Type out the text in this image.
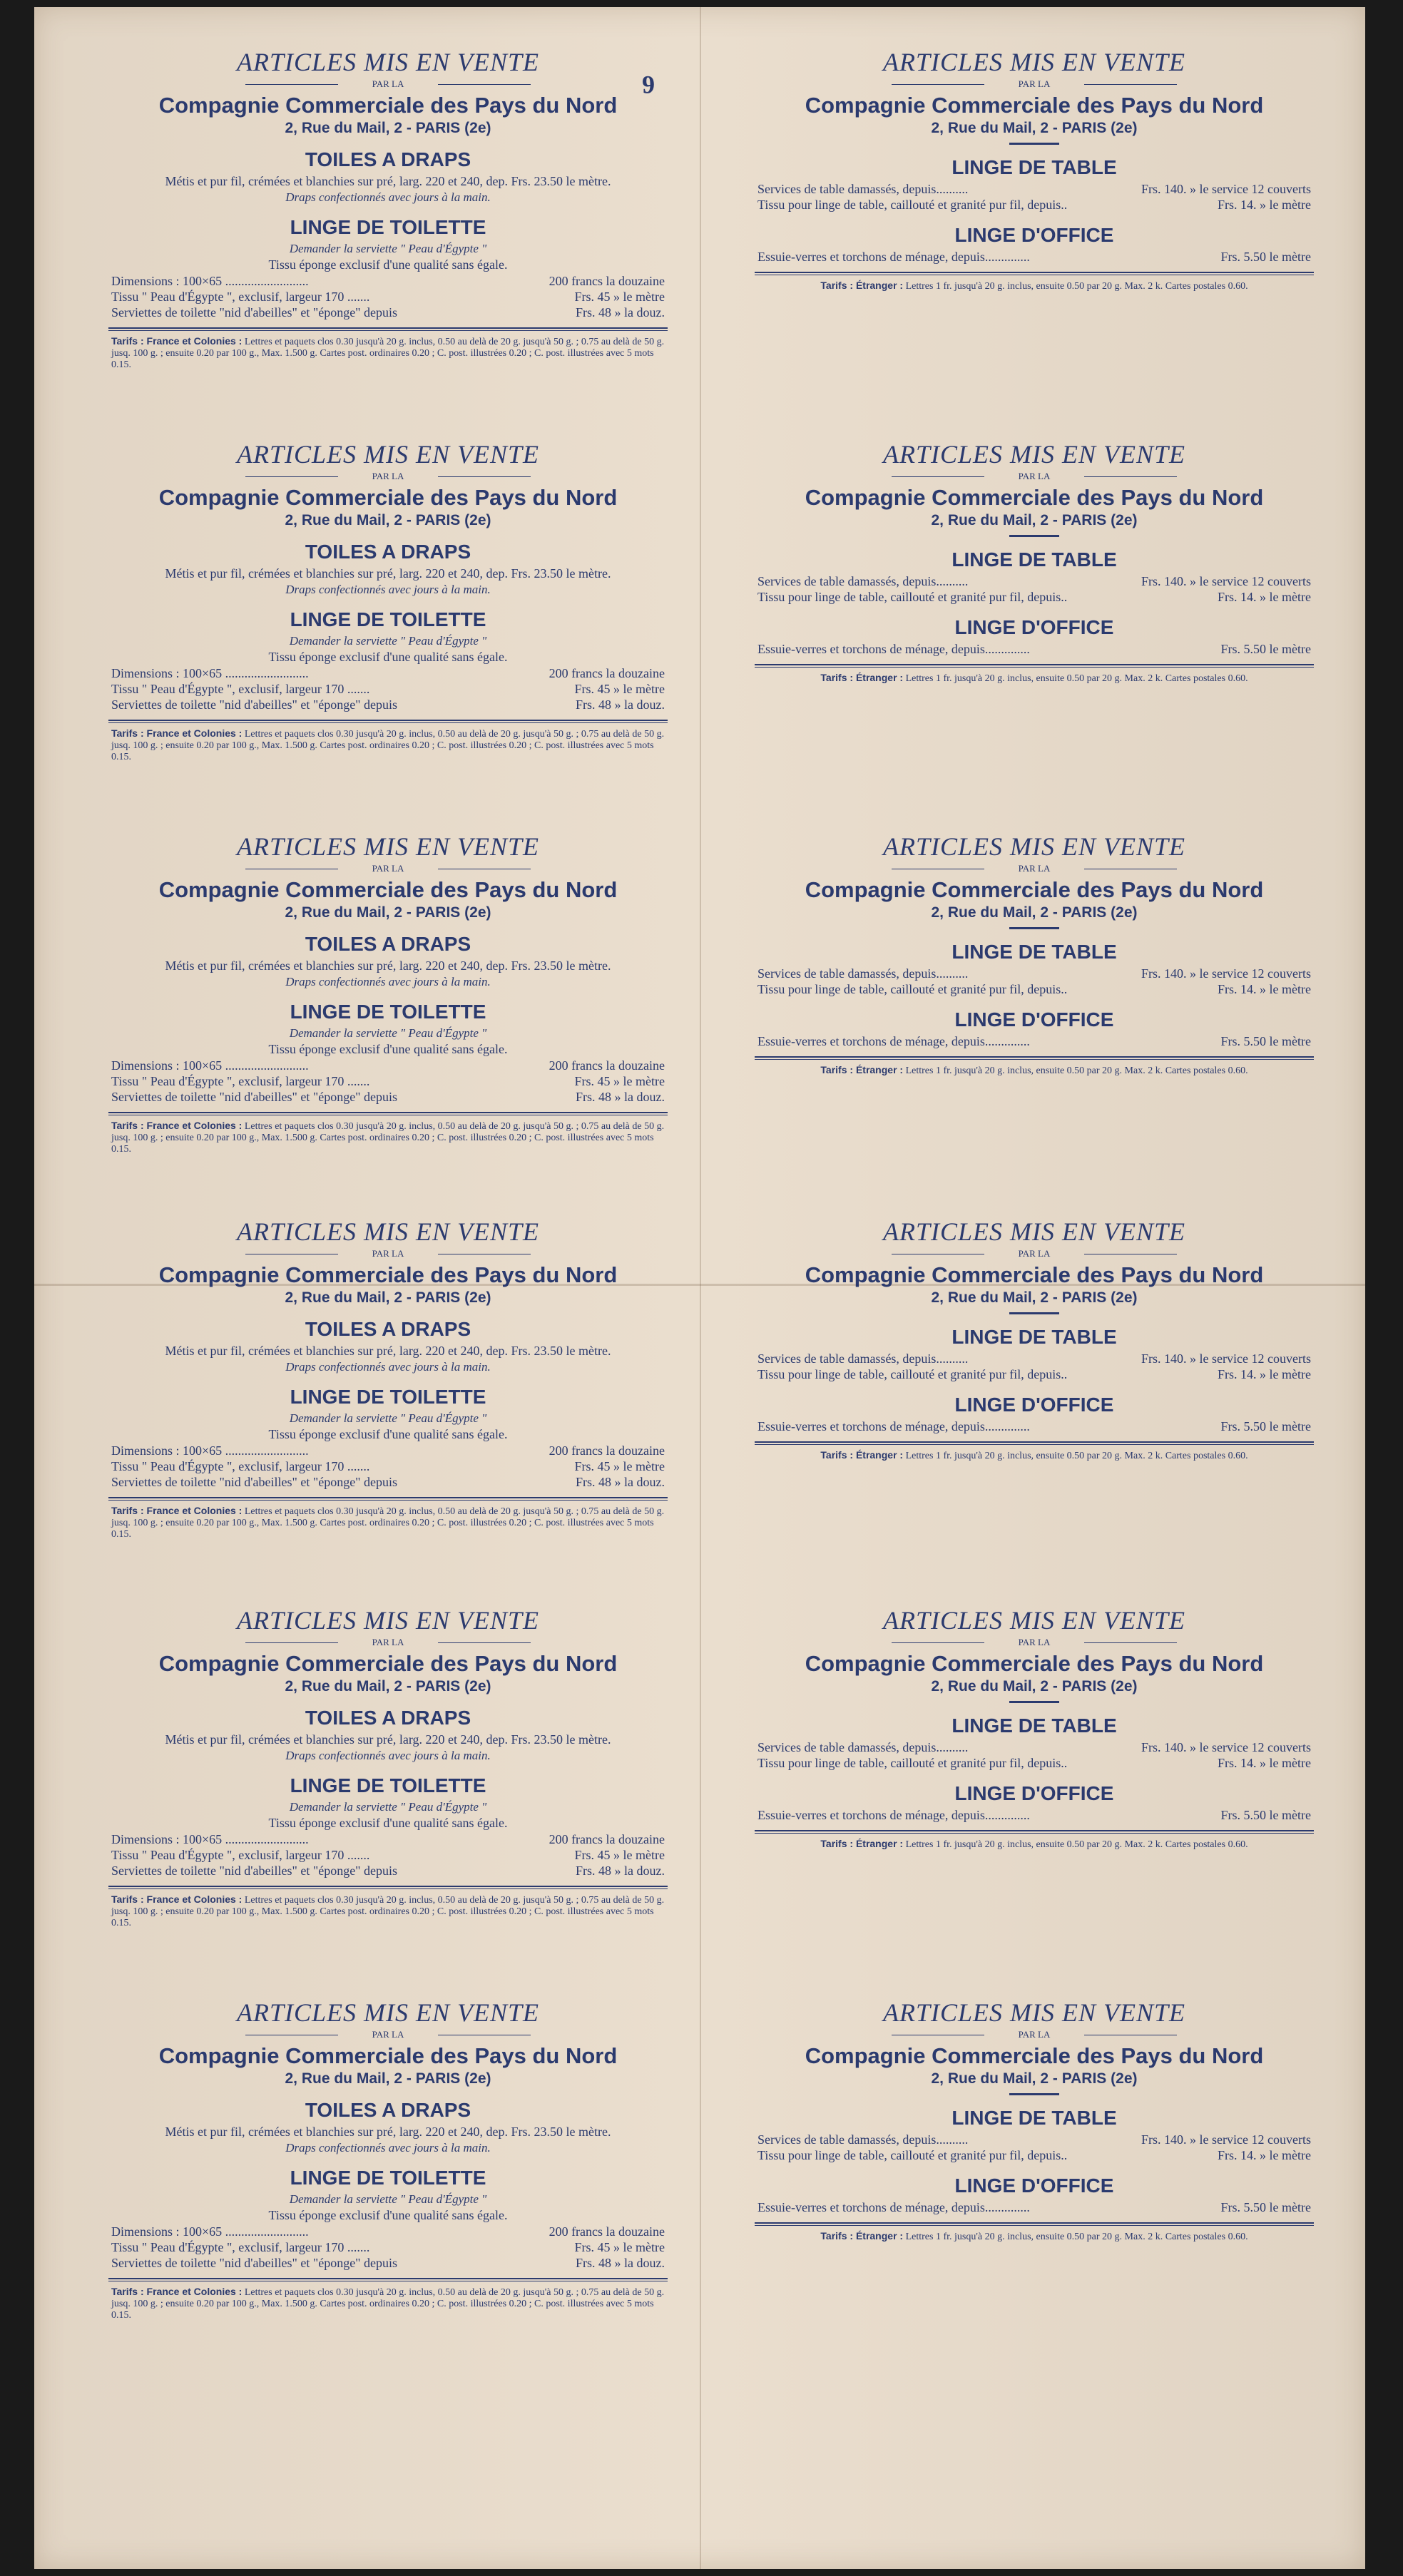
6
ARTICLES MIS EN VENTE
PAR LA
Compagnie Commerciale des Pays du Nord
2, Rue du Mail, 2 - PARIS (2e)
TOILES A DRAPS
Métis et pur fil, crémées et blanchies sur pré, larg. 220 et 240, dep. Frs. 23.50 le mètre.
Draps confectionnés avec jours à la main.
LINGE DE TOILETTE
Demander la serviette " Peau d'Égypte "
Tissu éponge exclusif d'une qualité sans égale.
Dimensions : 100×65 ..........................	200 francs la douzaine
Tissu " Peau d'Égypte ", exclusif, largeur 170 .......	Frs. 45 » le mètre
Serviettes de toilette "nid d'abeilles" et "éponge" depuis	Frs. 48 » la douz.
Tarifs : France et Colonies : Lettres et paquets clos 0.30 jusqu'à 20 g. inclus, 0.50 au delà de 20 g. jusqu'à 50 g. ; 0.75 au delà de 50 g. jusq. 100 g. ; ensuite 0.20 par 100 g., Max. 1.500 g. Cartes post. ordinaires 0.20 ; C. post. illustrées 0.20 ; C. post. illustrées avec 5 mots 0.15.
ARTICLES MIS EN VENTE
PAR LA
Compagnie Commerciale des Pays du Nord
2, Rue du Mail, 2 - PARIS (2e)
TOILES A DRAPS
Métis et pur fil, crémées et blanchies sur pré, larg. 220 et 240, dep. Frs. 23.50 le mètre.
Draps confectionnés avec jours à la main.
LINGE DE TOILETTE
Demander la serviette " Peau d'Égypte "
Tissu éponge exclusif d'une qualité sans égale.
Dimensions : 100×65 ..........................	200 francs la douzaine
Tissu " Peau d'Égypte ", exclusif, largeur 170 .......	Frs. 45 » le mètre
Serviettes de toilette "nid d'abeilles" et "éponge" depuis	Frs. 48 » la douz.
Tarifs : France et Colonies : Lettres et paquets clos 0.30 jusqu'à 20 g. inclus, 0.50 au delà de 20 g. jusqu'à 50 g. ; 0.75 au delà de 50 g. jusq. 100 g. ; ensuite 0.20 par 100 g., Max. 1.500 g. Cartes post. ordinaires 0.20 ; C. post. illustrées 0.20 ; C. post. illustrées avec 5 mots 0.15.
ARTICLES MIS EN VENTE
PAR LA
Compagnie Commerciale des Pays du Nord
2, Rue du Mail, 2 - PARIS (2e)
TOILES A DRAPS
Métis et pur fil, crémées et blanchies sur pré, larg. 220 et 240, dep. Frs. 23.50 le mètre.
Draps confectionnés avec jours à la main.
LINGE DE TOILETTE
Demander la serviette " Peau d'Égypte "
Tissu éponge exclusif d'une qualité sans égale.
Dimensions : 100×65 ..........................	200 francs la douzaine
Tissu " Peau d'Égypte ", exclusif, largeur 170 .......	Frs. 45 » le mètre
Serviettes de toilette "nid d'abeilles" et "éponge" depuis	Frs. 48 » la douz.
Tarifs : France et Colonies : Lettres et paquets clos 0.30 jusqu'à 20 g. inclus, 0.50 au delà de 20 g. jusqu'à 50 g. ; 0.75 au delà de 50 g. jusq. 100 g. ; ensuite 0.20 par 100 g., Max. 1.500 g. Cartes post. ordinaires 0.20 ; C. post. illustrées 0.20 ; C. post. illustrées avec 5 mots 0.15.
ARTICLES MIS EN VENTE
PAR LA
Compagnie Commerciale des Pays du Nord
2, Rue du Mail, 2 - PARIS (2e)
TOILES A DRAPS
Métis et pur fil, crémées et blanchies sur pré, larg. 220 et 240, dep. Frs. 23.50 le mètre.
Draps confectionnés avec jours à la main.
LINGE DE TOILETTE
Demander la serviette " Peau d'Égypte "
Tissu éponge exclusif d'une qualité sans égale.
Dimensions : 100×65 ..........................	200 francs la douzaine
Tissu " Peau d'Égypte ", exclusif, largeur 170 .......	Frs. 45 » le mètre
Serviettes de toilette "nid d'abeilles" et "éponge" depuis	Frs. 48 » la douz.
Tarifs : France et Colonies : Lettres et paquets clos 0.30 jusqu'à 20 g. inclus, 0.50 au delà de 20 g. jusqu'à 50 g. ; 0.75 au delà de 50 g. jusq. 100 g. ; ensuite 0.20 par 100 g., Max. 1.500 g. Cartes post. ordinaires 0.20 ; C. post. illustrées 0.20 ; C. post. illustrées avec 5 mots 0.15.
ARTICLES MIS EN VENTE
PAR LA
Compagnie Commerciale des Pays du Nord
2, Rue du Mail, 2 - PARIS (2e)
TOILES A DRAPS
Métis et pur fil, crémées et blanchies sur pré, larg. 220 et 240, dep. Frs. 23.50 le mètre.
Draps confectionnés avec jours à la main.
LINGE DE TOILETTE
Demander la serviette " Peau d'Égypte "
Tissu éponge exclusif d'une qualité sans égale.
Dimensions : 100×65 ..........................	200 francs la douzaine
Tissu " Peau d'Égypte ", exclusif, largeur 170 .......	Frs. 45 » le mètre
Serviettes de toilette "nid d'abeilles" et "éponge" depuis	Frs. 48 » la douz.
Tarifs : France et Colonies : Lettres et paquets clos 0.30 jusqu'à 20 g. inclus, 0.50 au delà de 20 g. jusqu'à 50 g. ; 0.75 au delà de 50 g. jusq. 100 g. ; ensuite 0.20 par 100 g., Max. 1.500 g. Cartes post. ordinaires 0.20 ; C. post. illustrées 0.20 ; C. post. illustrées avec 5 mots 0.15.
ARTICLES MIS EN VENTE
PAR LA
Compagnie Commerciale des Pays du Nord
2, Rue du Mail, 2 - PARIS (2e)
TOILES A DRAPS
Métis et pur fil, crémées et blanchies sur pré, larg. 220 et 240, dep. Frs. 23.50 le mètre.
Draps confectionnés avec jours à la main.
LINGE DE TOILETTE
Demander la serviette " Peau d'Égypte "
Tissu éponge exclusif d'une qualité sans égale.
Dimensions : 100×65 ..........................	200 francs la douzaine
Tissu " Peau d'Égypte ", exclusif, largeur 170 .......	Frs. 45 » le mètre
Serviettes de toilette "nid d'abeilles" et "éponge" depuis	Frs. 48 » la douz.
Tarifs : France et Colonies : Lettres et paquets clos 0.30 jusqu'à 20 g. inclus, 0.50 au delà de 20 g. jusqu'à 50 g. ; 0.75 au delà de 50 g. jusq. 100 g. ; ensuite 0.20 par 100 g., Max. 1.500 g. Cartes post. ordinaires 0.20 ; C. post. illustrées 0.20 ; C. post. illustrées avec 5 mots 0.15.
ARTICLES MIS EN VENTE
PAR LA
Compagnie Commerciale des Pays du Nord
2, Rue du Mail, 2 - PARIS (2e)
LINGE DE TABLE
Services de table damassés, depuis..........	Frs. 140. » le service 12 couverts
Tissu pour linge de table, caillouté et granité pur fil, depuis..	Frs. 14. » le mètre
LINGE D'OFFICE
Essuie-verres et torchons de ménage, depuis..............	Frs. 5.50 le mètre
Tarifs : Étranger : Lettres 1 fr. jusqu'à 20 g. inclus, ensuite 0.50 par 20 g. Max. 2 k. Cartes postales 0.60.
ARTICLES MIS EN VENTE
PAR LA
Compagnie Commerciale des Pays du Nord
2, Rue du Mail, 2 - PARIS (2e)
LINGE DE TABLE
Services de table damassés, depuis..........	Frs. 140. » le service 12 couverts
Tissu pour linge de table, caillouté et granité pur fil, depuis..	Frs. 14. » le mètre
LINGE D'OFFICE
Essuie-verres et torchons de ménage, depuis..............	Frs. 5.50 le mètre
Tarifs : Étranger : Lettres 1 fr. jusqu'à 20 g. inclus, ensuite 0.50 par 20 g. Max. 2 k. Cartes postales 0.60.
ARTICLES MIS EN VENTE
PAR LA
Compagnie Commerciale des Pays du Nord
2, Rue du Mail, 2 - PARIS (2e)
LINGE DE TABLE
Services de table damassés, depuis..........	Frs. 140. » le service 12 couverts
Tissu pour linge de table, caillouté et granité pur fil, depuis..	Frs. 14. » le mètre
LINGE D'OFFICE
Essuie-verres et torchons de ménage, depuis..............	Frs. 5.50 le mètre
Tarifs : Étranger : Lettres 1 fr. jusqu'à 20 g. inclus, ensuite 0.50 par 20 g. Max. 2 k. Cartes postales 0.60.
ARTICLES MIS EN VENTE
PAR LA
Compagnie Commerciale des Pays du Nord
2, Rue du Mail, 2 - PARIS (2e)
LINGE DE TABLE
Services de table damassés, depuis..........	Frs. 140. » le service 12 couverts
Tissu pour linge de table, caillouté et granité pur fil, depuis..	Frs. 14. » le mètre
LINGE D'OFFICE
Essuie-verres et torchons de ménage, depuis..............	Frs. 5.50 le mètre
Tarifs : Étranger : Lettres 1 fr. jusqu'à 20 g. inclus, ensuite 0.50 par 20 g. Max. 2 k. Cartes postales 0.60.
ARTICLES MIS EN VENTE
PAR LA
Compagnie Commerciale des Pays du Nord
2, Rue du Mail, 2 - PARIS (2e)
LINGE DE TABLE
Services de table damassés, depuis..........	Frs. 140. » le service 12 couverts
Tissu pour linge de table, caillouté et granité pur fil, depuis..	Frs. 14. » le mètre
LINGE D'OFFICE
Essuie-verres et torchons de ménage, depuis..............	Frs. 5.50 le mètre
Tarifs : Étranger : Lettres 1 fr. jusqu'à 20 g. inclus, ensuite 0.50 par 20 g. Max. 2 k. Cartes postales 0.60.
ARTICLES MIS EN VENTE
PAR LA
Compagnie Commerciale des Pays du Nord
2, Rue du Mail, 2 - PARIS (2e)
LINGE DE TABLE
Services de table damassés, depuis..........	Frs. 140. » le service 12 couverts
Tissu pour linge de table, caillouté et granité pur fil, depuis..	Frs. 14. » le mètre
LINGE D'OFFICE
Essuie-verres et torchons de ménage, depuis..............	Frs. 5.50 le mètre
Tarifs : Étranger : Lettres 1 fr. jusqu'à 20 g. inclus, ensuite 0.50 par 20 g. Max. 2 k. Cartes postales 0.60.
